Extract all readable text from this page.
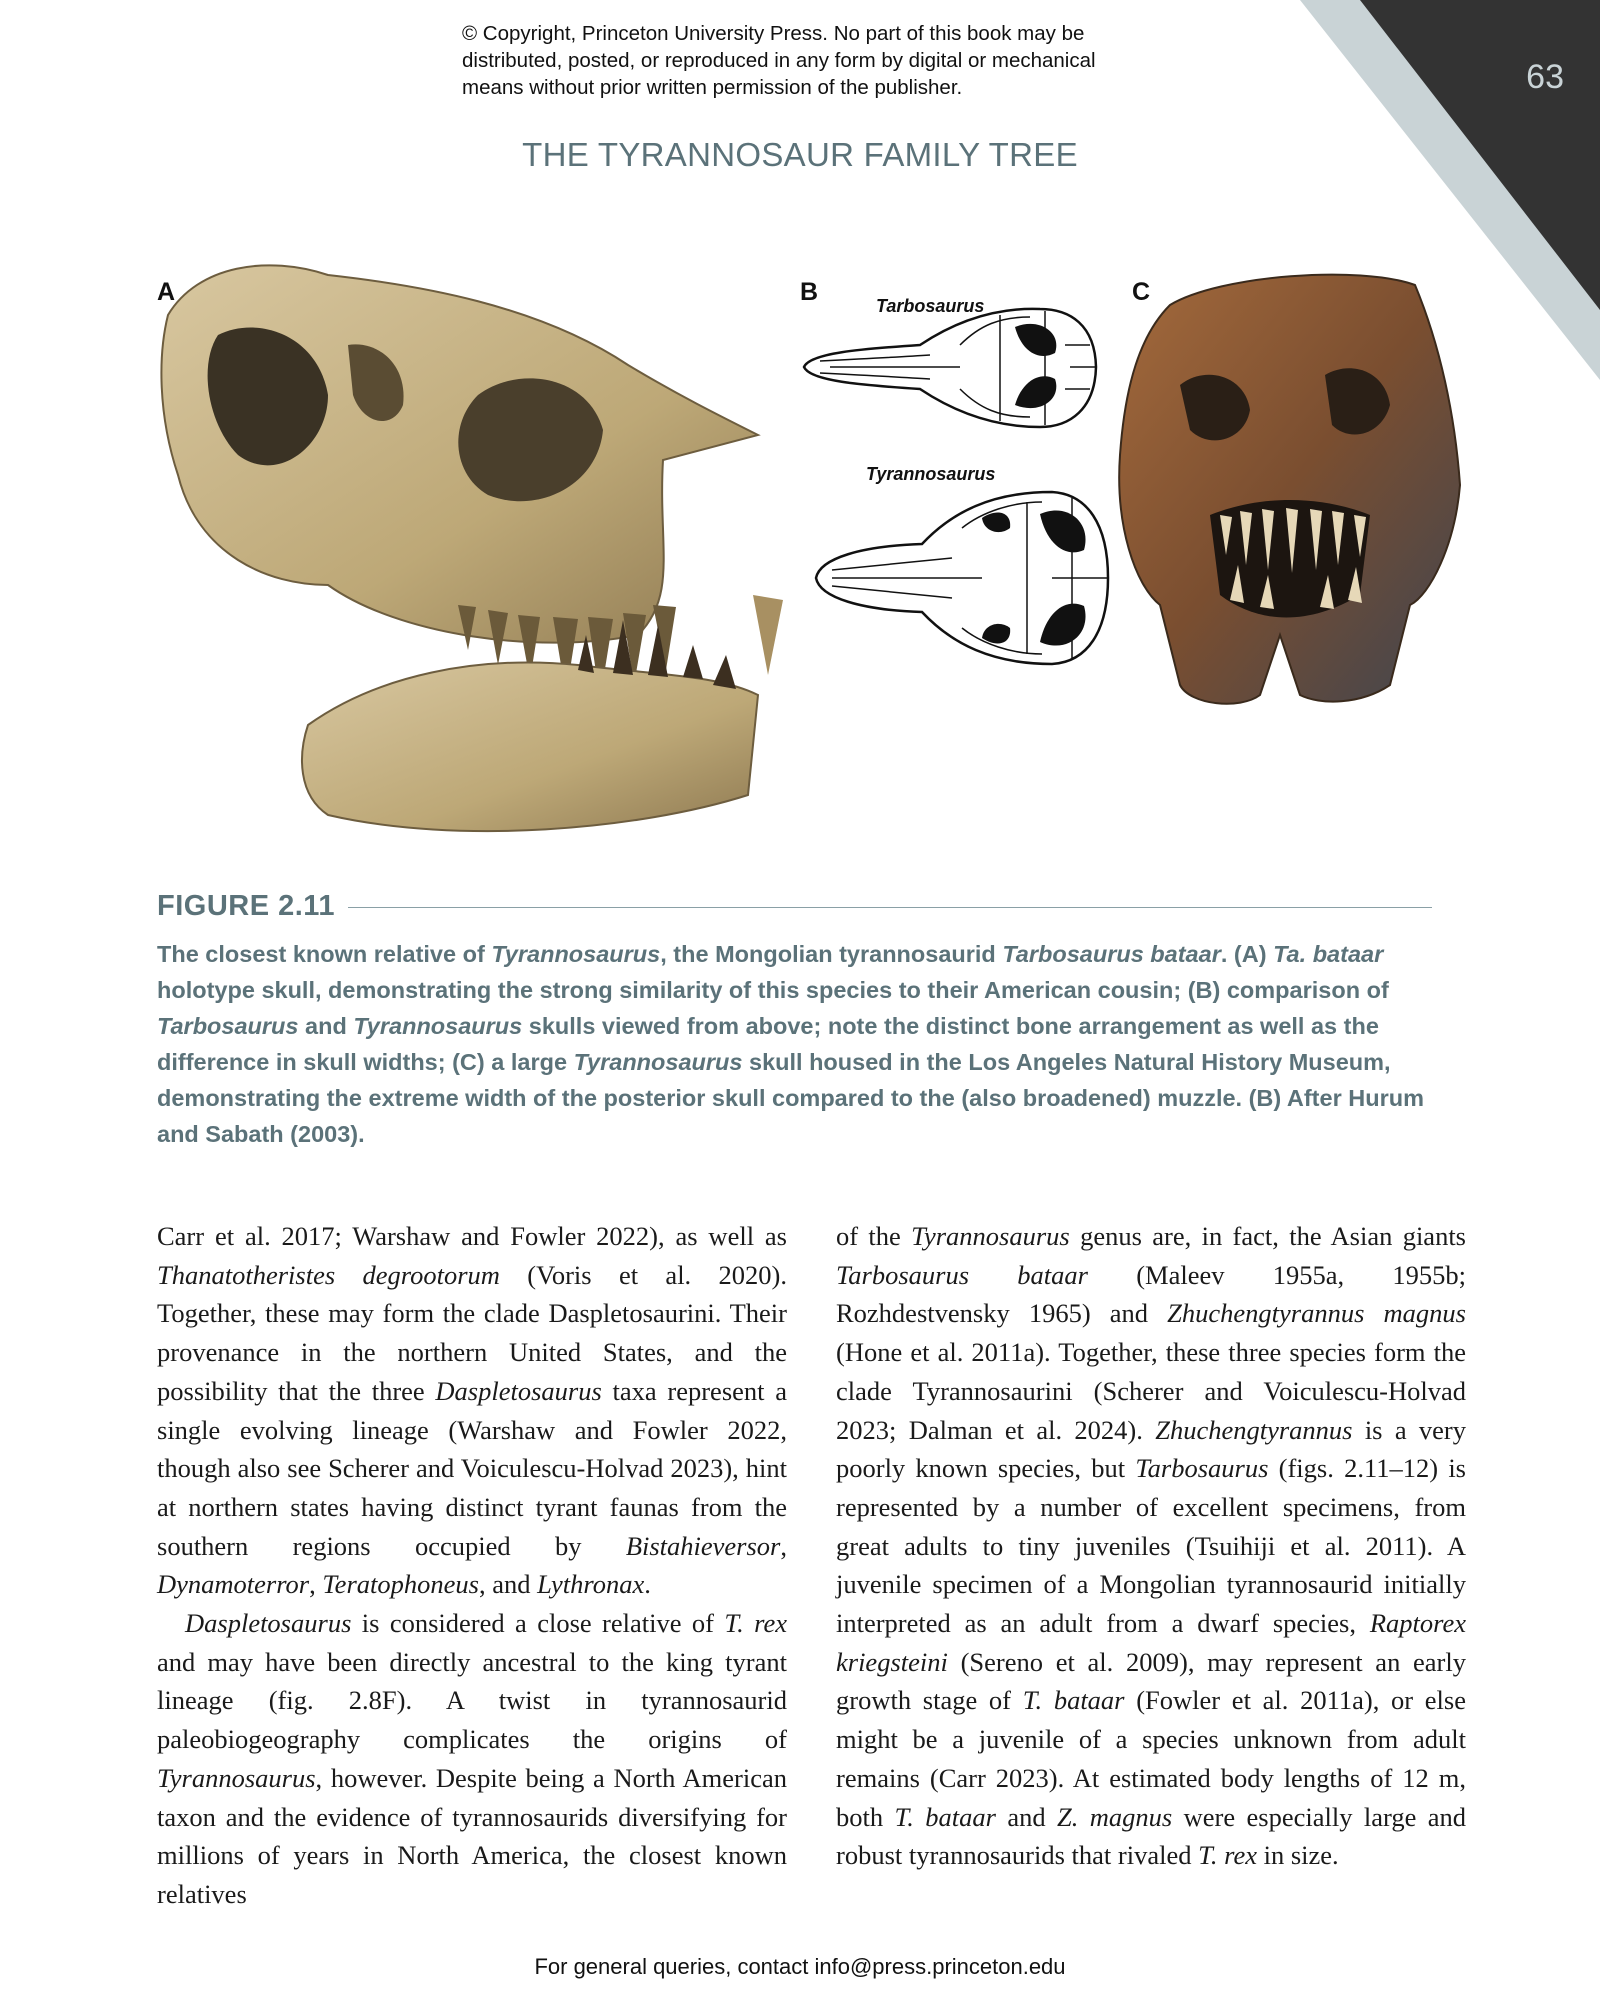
© Copyright, Princeton University Press. No part of this book may be distributed, posted, or reproduced in any form by digital or mechanical means without prior written permission of the publisher.	63
THE TYRANNOSAUR FAMILY TREE
A	B	Tarbosaurus
Tyrannosaurus
C
FIGURE 2.11
The closest known relative of Tyrannosaurus, the Mongolian tyrannosaurid Tarbosaurus bataar. (A) Ta. bataar holotype skull, demonstrating the strong similarity of this species to their American cousin; (B) comparison of Tarbosaurus and Tyrannosaurus skulls viewed from above; note the distinct bone arrangement as well as the difference in skull widths; (C) a large Tyrannosaurus skull housed in the Los Angeles Natural History Museum, demonstrating the extreme width of the posterior skull compared to the (also broadened) muzzle. (B) After Hurum and Sabath (2003).

Carr et al. 2017; Warshaw and Fowler 2022), as well as Thanatotheristes degrootorum (Voris et al. 2020). Together, these may form the clade Daspletosaurini. Their provenance in the northern United States, and the possibility that the three Daspletosaurus taxa represent a single evolving lineage (Warshaw and Fowler 2022, though also see Scherer and Voiculescu-Holvad 2023), hint at northern states having distinct tyrant faunas from the southern regions occupied by Bistahieversor, Dynamoterror, Teratophoneus, and Lythronax.

Daspletosaurus is considered a close relative of T. rex and may have been directly ancestral to the king tyrant lineage (fig. 2.8F). A twist in tyrannosaurid paleobiogeography complicates the origins of Tyrannosaurus, however. Despite being a North American taxon and the evidence of tyrannosaurids diversifying for millions of years in North America, the closest known relatives

of the Tyrannosaurus genus are, in fact, the Asian giants Tarbosaurus bataar (Maleev 1955a, 1955b; Rozhdestvensky 1965) and Zhuchengtyrannus magnus (Hone et al. 2011a). Together, these three species form the clade Tyrannosaurini (Scherer and Voiculescu-Holvad 2023; Dalman et al. 2024). Zhuchengtyrannus is a very poorly known species, but Tarbosaurus (figs. 2.11–12) is represented by a number of excellent specimens, from great adults to tiny juveniles (Tsuihiji et al. 2011). A juvenile specimen of a Mongolian tyrannosaurid initially interpreted as an adult from a dwarf species, Raptorex kriegsteini (Sereno et al. 2009), may represent an early growth stage of T. bataar (Fowler et al. 2011a), or else might be a juvenile of a species unknown from adult remains (Carr 2023). At estimated body lengths of 12 m, both T. bataar and Z. magnus were especially large and robust tyrannosaurids that rivaled T. rex in size.

For general queries, contact info@press.princeton.edu
